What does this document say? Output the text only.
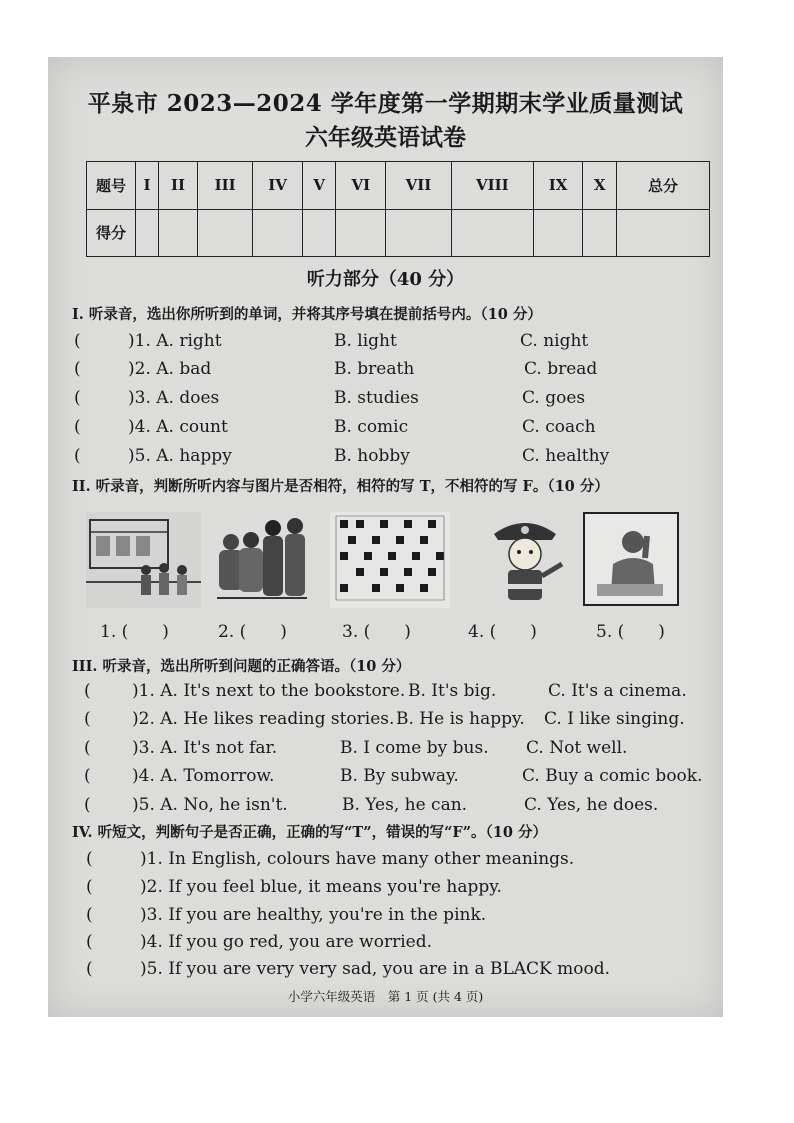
平泉市 2023—2024 学年度第一学期期末学业质量测试
六年级英语试卷
题号	I	II	III	IV	V	VI	VII	VIII	IX	X	总分
得分											
听力部分（40 分）
I. 听录音，选出你所听到的单词，并将其序号填在提前括号内。（10 分）
(	)1. A. right	B. light	C. night
(	)2. A. bad	B. breath	C. bread
(	)3. A. does	B. studies	C. goes
(	)4. A. count	B. comic	C. coach
(	)5. A. happy	B. hobby	C. healthy
II. 听录音，判断所听内容与图片是否相符，相符的写 T，不相符的写 F。（10 分）
1. (　　)	2. (　　)	3. (　　)	4. (　　)	5. (　　)
III. 听录音，选出所听到问题的正确答语。（10 分）
( )1. A. It's next to the bookstore. B. It's big.	C. It's a cinema.
( )2. A. He likes reading stories. B. He is happy. C. I like singing.
( )3. A. It's not far.	B. I come by bus. C. Not well.
( )4. A. Tomorrow.	B. By subway.	C. Buy a comic book.
( )5. A. No, he isn't.	B. Yes, he can.	C. Yes, he does.
IV. 听短文，判断句子是否正确，正确的写“T”，错误的写“F”。（10 分）
(	)1. In English, colours have many other meanings.
(	)2. If you feel blue, it means you're happy.
(	)3. If you are healthy, you're in the pink.
(	)4. If you go red, you are worried.
(	)5. If you are very very sad, you are in a BLACK mood.
小学六年级英语　第 1 页 (共 4 页)
